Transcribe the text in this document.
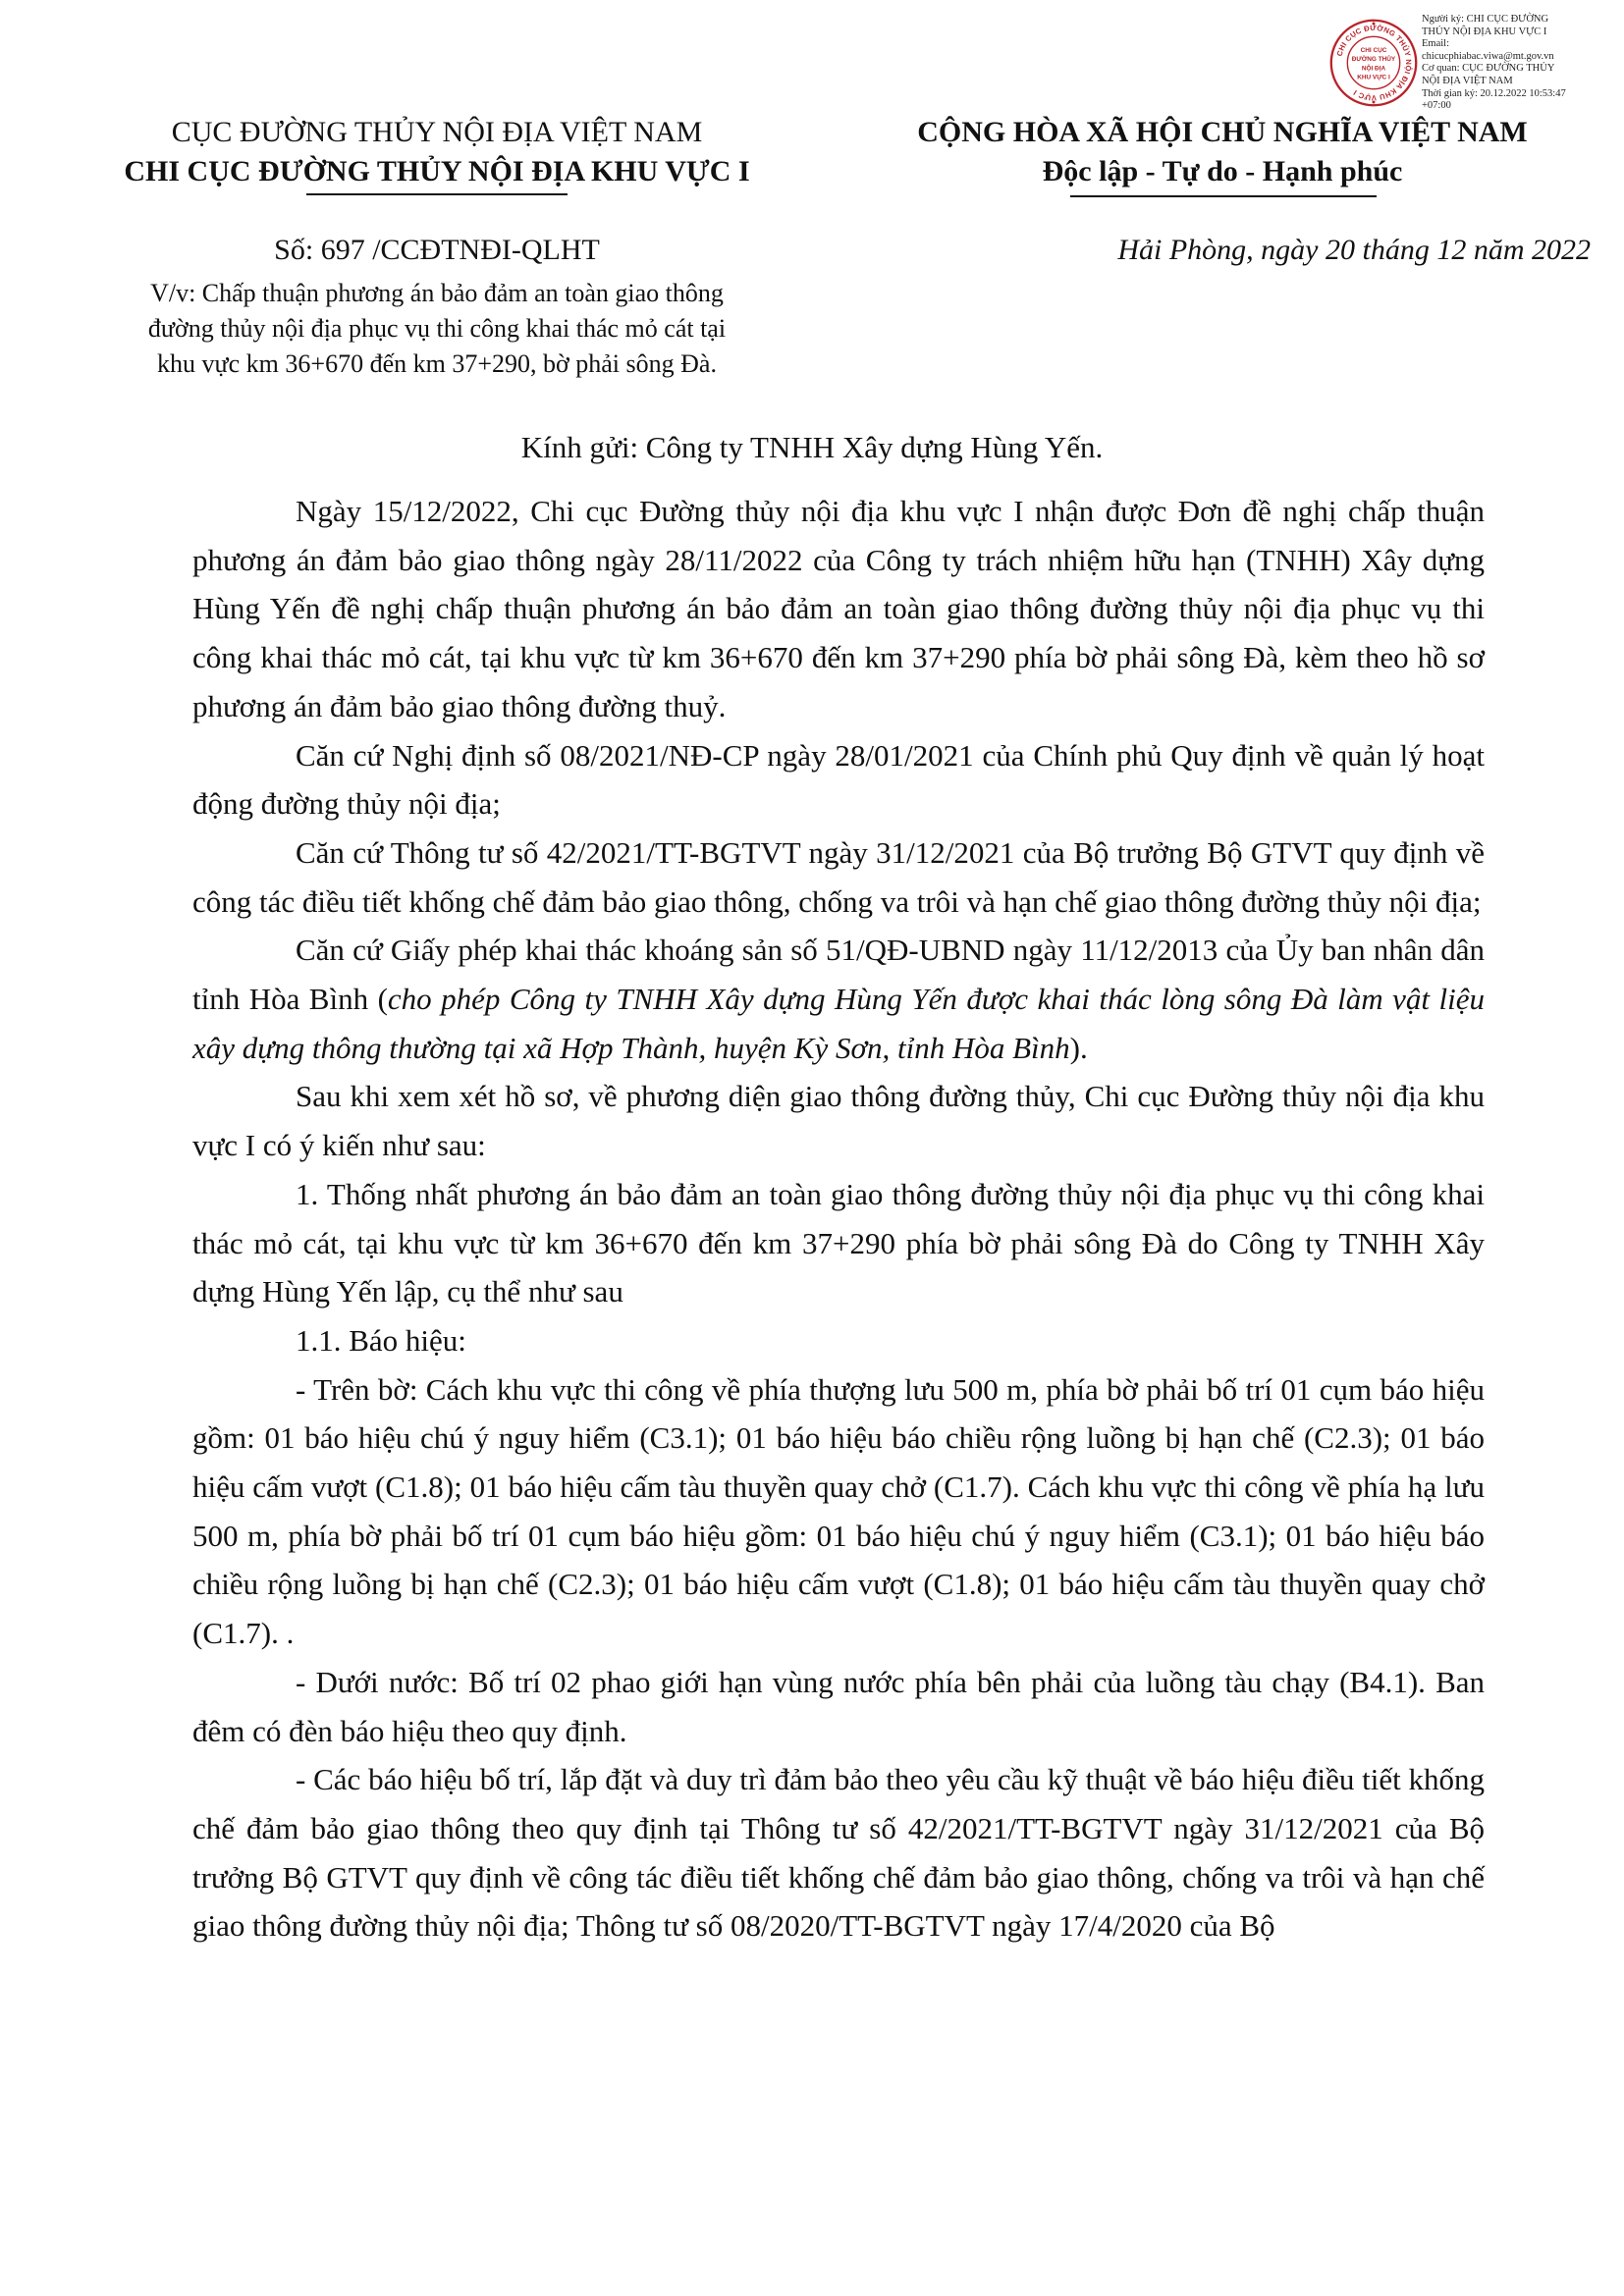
CHI CỤC ĐƯỜNG THỦY NỘI ĐỊA KHU VỰC I
CHI CỤC
ĐƯỜNG THỦY
NỘI ĐỊA
KHU VỰC I
Người ký: CHI CỤC ĐƯỜNG
THỦY NỘI ĐỊA KHU VỰC I
Email:
chicucphiabac.viwa@mt.gov.vn
Cơ quan: CỤC ĐƯỜNG THỦY
NỘI ĐỊA VIỆT NAM
Thời gian ký: 20.12.2022 10:53:47
+07:00
CỤC ĐƯỜNG THỦY NỘI ĐỊA VIỆT NAM
CHI CỤC ĐƯỜNG THỦY NỘI ĐỊA KHU VỰC I
CỘNG HÒA XÃ HỘI CHỦ NGHĨA VIỆT NAM
Độc lập - Tự do - Hạnh phúc
Số: 697 /CCĐTNĐI-QLHT	Hải Phòng, ngày 20 tháng 12 năm 2022
V/v: Chấp thuận phương án bảo đảm an toàn giao thông
đường thủy nội địa phục vụ thi công khai thác mỏ cát tại
khu vực km 36+670 đến km 37+290, bờ phải sông Đà.
Kính gửi: Công ty TNHH Xây dựng Hùng Yến.

Ngày 15/12/2022, Chi cục Đường thủy nội địa khu vực I nhận được Đơn đề nghị chấp thuận phương án đảm bảo giao thông ngày 28/11/2022 của Công ty trách nhiệm hữu hạn (TNHH) Xây dựng Hùng Yến đề nghị chấp thuận phương án bảo đảm an toàn giao thông đường thủy nội địa phục vụ thi công khai thác mỏ cát, tại khu vực từ km 36+670 đến km 37+290 phía bờ phải sông Đà, kèm theo hồ sơ phương án đảm bảo giao thông đường thuỷ.

Căn cứ Nghị định số 08/2021/NĐ-CP ngày 28/01/2021 của Chính phủ Quy định về quản lý hoạt động đường thủy nội địa;

Căn cứ Thông tư số 42/2021/TT-BGTVT ngày 31/12/2021 của Bộ trưởng Bộ GTVT quy định về công tác điều tiết khống chế đảm bảo giao thông, chống va trôi và hạn chế giao thông đường thủy nội địa;

Căn cứ Giấy phép khai thác khoáng sản số 51/QĐ-UBND ngày 11/12/2013 của Ủy ban nhân dân tỉnh Hòa Bình (cho phép Công ty TNHH Xây dựng Hùng Yến được khai thác lòng sông Đà làm vật liệu xây dựng thông thường tại xã Hợp Thành, huyện Kỳ Sơn, tỉnh Hòa Bình).

Sau khi xem xét hồ sơ, về phương diện giao thông đường thủy, Chi cục Đường thủy nội địa khu vực I có ý kiến như sau:

1. Thống nhất phương án bảo đảm an toàn giao thông đường thủy nội địa phục vụ thi công khai thác mỏ cát, tại khu vực từ km 36+670 đến km 37+290 phía bờ phải sông Đà do Công ty TNHH Xây dựng Hùng Yến lập, cụ thể như sau

1.1. Báo hiệu:

- Trên bờ: Cách khu vực thi công về phía thượng lưu 500 m, phía bờ phải bố trí 01 cụm báo hiệu gồm: 01 báo hiệu chú ý nguy hiểm (C3.1); 01 báo hiệu báo chiều rộng luồng bị hạn chế (C2.3); 01 báo hiệu cấm vượt (C1.8); 01 báo hiệu cấm tàu thuyền quay chở (C1.7). Cách khu vực thi công về phía hạ lưu 500 m, phía bờ phải bố trí 01 cụm báo hiệu gồm: 01 báo hiệu chú ý nguy hiểm (C3.1); 01 báo hiệu báo chiều rộng luồng bị hạn chế (C2.3); 01 báo hiệu cấm vượt (C1.8); 01 báo hiệu cấm tàu thuyền quay chở (C1.7). .

- Dưới nước: Bố trí 02 phao giới hạn vùng nước phía bên phải của luồng tàu chạy (B4.1). Ban đêm có đèn báo hiệu theo quy định.

- Các báo hiệu bố trí, lắp đặt và duy trì đảm bảo theo yêu cầu kỹ thuật về báo hiệu điều tiết khống chế đảm bảo giao thông theo quy định tại Thông tư số 42/2021/TT-BGTVT ngày 31/12/2021 của Bộ trưởng Bộ GTVT quy định về công tác điều tiết khống chế đảm bảo giao thông, chống va trôi và hạn chế giao thông đường thủy nội địa; Thông tư số 08/2020/TT-BGTVT ngày 17/4/2020 của Bộ
